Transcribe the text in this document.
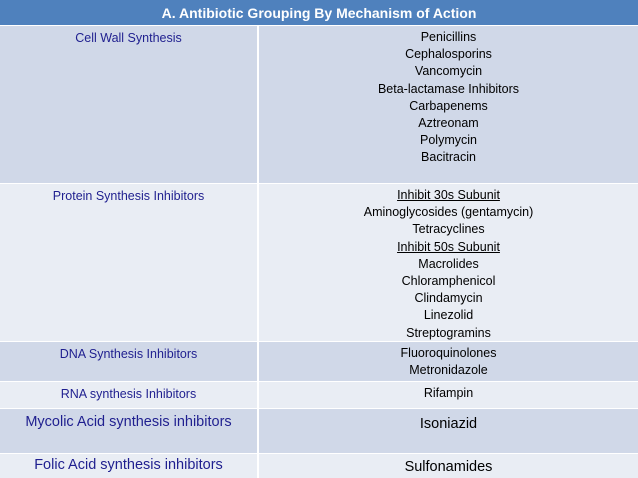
A. Antibiotic Grouping By Mechanism of Action
Cell Wall Synthesis	Penicillins
Cephalosporins
Vancomycin
Beta-lactamase Inhibitors
Carbapenems
Aztreonam
Polymycin
Bacitracin
Protein Synthesis Inhibitors	Inhibit 30s Subunit
Aminoglycosides (gentamycin)
Tetracyclines
Inhibit 50s Subunit
Macrolides
Chloramphenicol
Clindamycin
Linezolid
Streptogramins
DNA Synthesis Inhibitors	Fluoroquinolones
Metronidazole
RNA synthesis Inhibitors	Rifampin
Mycolic Acid synthesis inhibitors	Isoniazid
Folic Acid synthesis inhibitors	Sulfonamides
